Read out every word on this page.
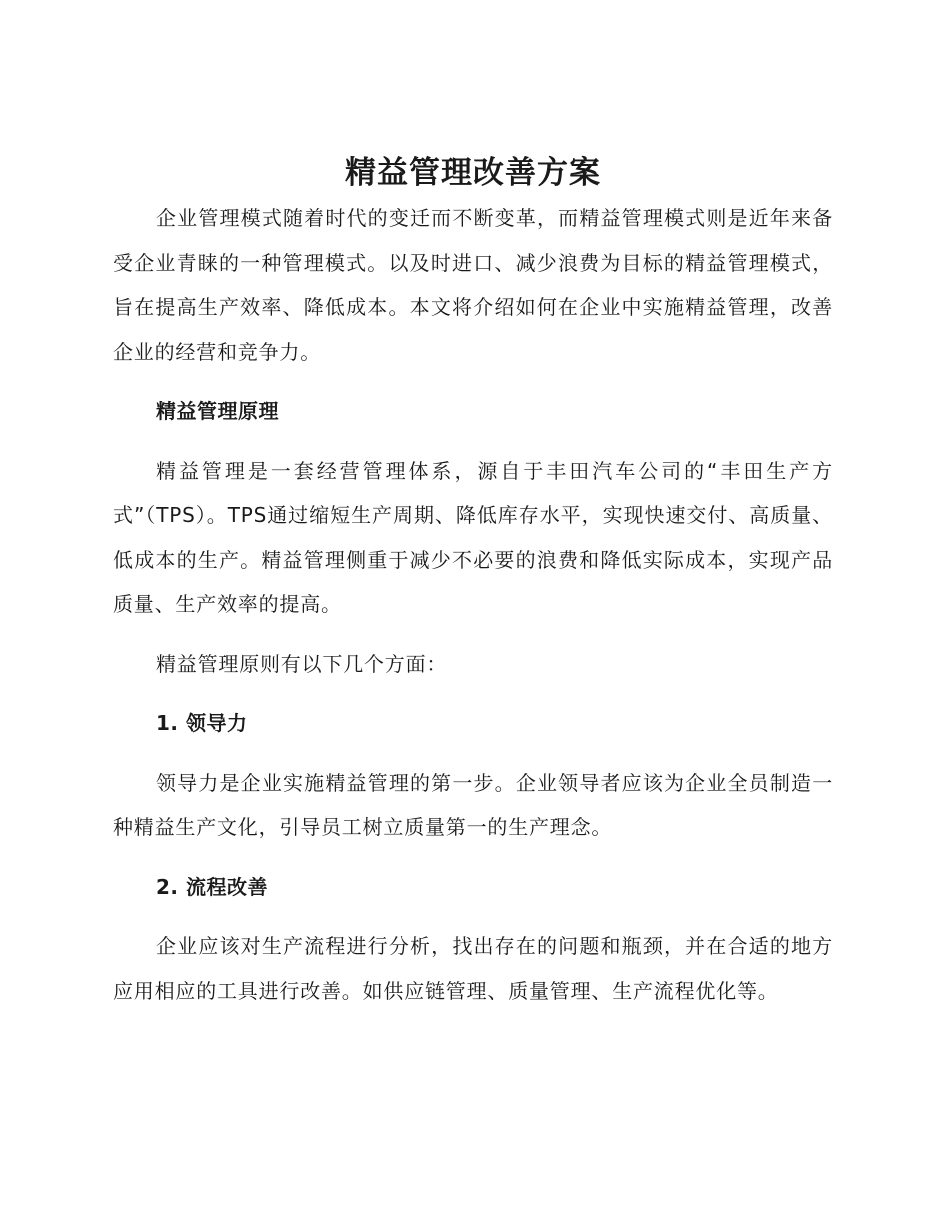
精益管理改善方案

企业管理模式随着时代的变迁而不断变革，而精益管理模式则是近年来备受企业青睐的一种管理模式。以及时进口、减少浪费为目标的精益管理模式，旨在提高生产效率、降低成本。本文将介绍如何在企业中实施精益管理，改善企业的经营和竞争力。

精益管理原理

精益管理是一套经营管理体系，源自于丰田汽车公司的“丰田生产方式”（TPS）。TPS通过缩短生产周期、降低库存水平，实现快速交付、高质量、低成本的生产。精益管理侧重于减少不必要的浪费和降低实际成本，实现产品质量、生产效率的提高。

精益管理原则有以下几个方面：

1. 领导力

领导力是企业实施精益管理的第一步。企业领导者应该为企业全员制造一种精益生产文化，引导员工树立质量第一的生产理念。

2. 流程改善

企业应该对生产流程进行分析，找出存在的问题和瓶颈，并在合适的地方应用相应的工具进行改善。如供应链管理、质量管理、生产流程优化等。
